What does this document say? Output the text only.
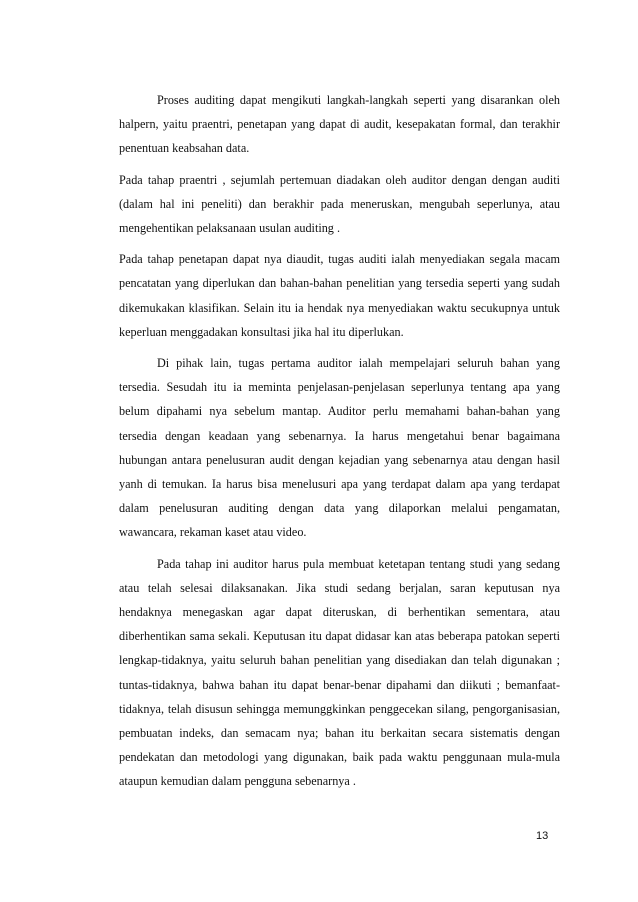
Proses auditing dapat mengikuti langkah-langkah seperti yang disarankan oleh halpern, yaitu praentri, penetapan yang dapat di audit, kesepakatan formal, dan terakhir penentuan keabsahan data.

Pada tahap praentri , sejumlah pertemuan diadakan oleh auditor dengan dengan auditi (dalam hal ini peneliti) dan berakhir pada meneruskan, mengubah seperlunya, atau mengehentikan pelaksanaan usulan auditing .

Pada tahap penetapan dapat nya diaudit, tugas auditi ialah menyediakan segala macam pencatatan yang diperlukan dan bahan-bahan penelitian yang tersedia seperti yang sudah dikemukakan klasifikan. Selain itu ia hendak nya menyediakan waktu secukupnya untuk keperluan menggadakan konsultasi jika hal itu diperlukan.

Di pihak lain, tugas pertama auditor ialah mempelajari seluruh bahan yang tersedia. Sesudah itu ia meminta penjelasan-penjelasan seperlunya tentang apa yang belum dipahami nya sebelum mantap. Auditor perlu memahami bahan-bahan yang tersedia dengan keadaan yang sebenarnya. Ia harus mengetahui benar bagaimana hubungan antara penelusuran audit dengan kejadian yang sebenarnya atau dengan hasil yanh di temukan. Ia harus bisa menelusuri apa yang terdapat dalam apa yang terdapat dalam penelusuran auditing dengan data yang dilaporkan melalui pengamatan, wawancara, rekaman kaset atau video.

Pada tahap ini auditor harus pula membuat ketetapan tentang studi yang sedang atau telah selesai dilaksanakan. Jika studi sedang berjalan, saran keputusan nya hendaknya menegaskan agar dapat diteruskan, di berhentikan sementara, atau diberhentikan sama sekali. Keputusan itu dapat didasar kan atas beberapa patokan seperti lengkap-tidaknya, yaitu seluruh bahan penelitian yang disediakan dan telah digunakan ; tuntas-tidaknya, bahwa bahan itu dapat benar-benar dipahami dan diikuti ; bemanfaat-tidaknya, telah disusun sehingga memunggkinkan penggecekan silang, pengorganisasian, pembuatan indeks, dan semacam nya; bahan itu berkaitan secara sistematis dengan pendekatan dan metodologi yang digunakan, baik pada waktu penggunaan mula-mula ataupun kemudian dalam pengguna sebenarnya .

13
